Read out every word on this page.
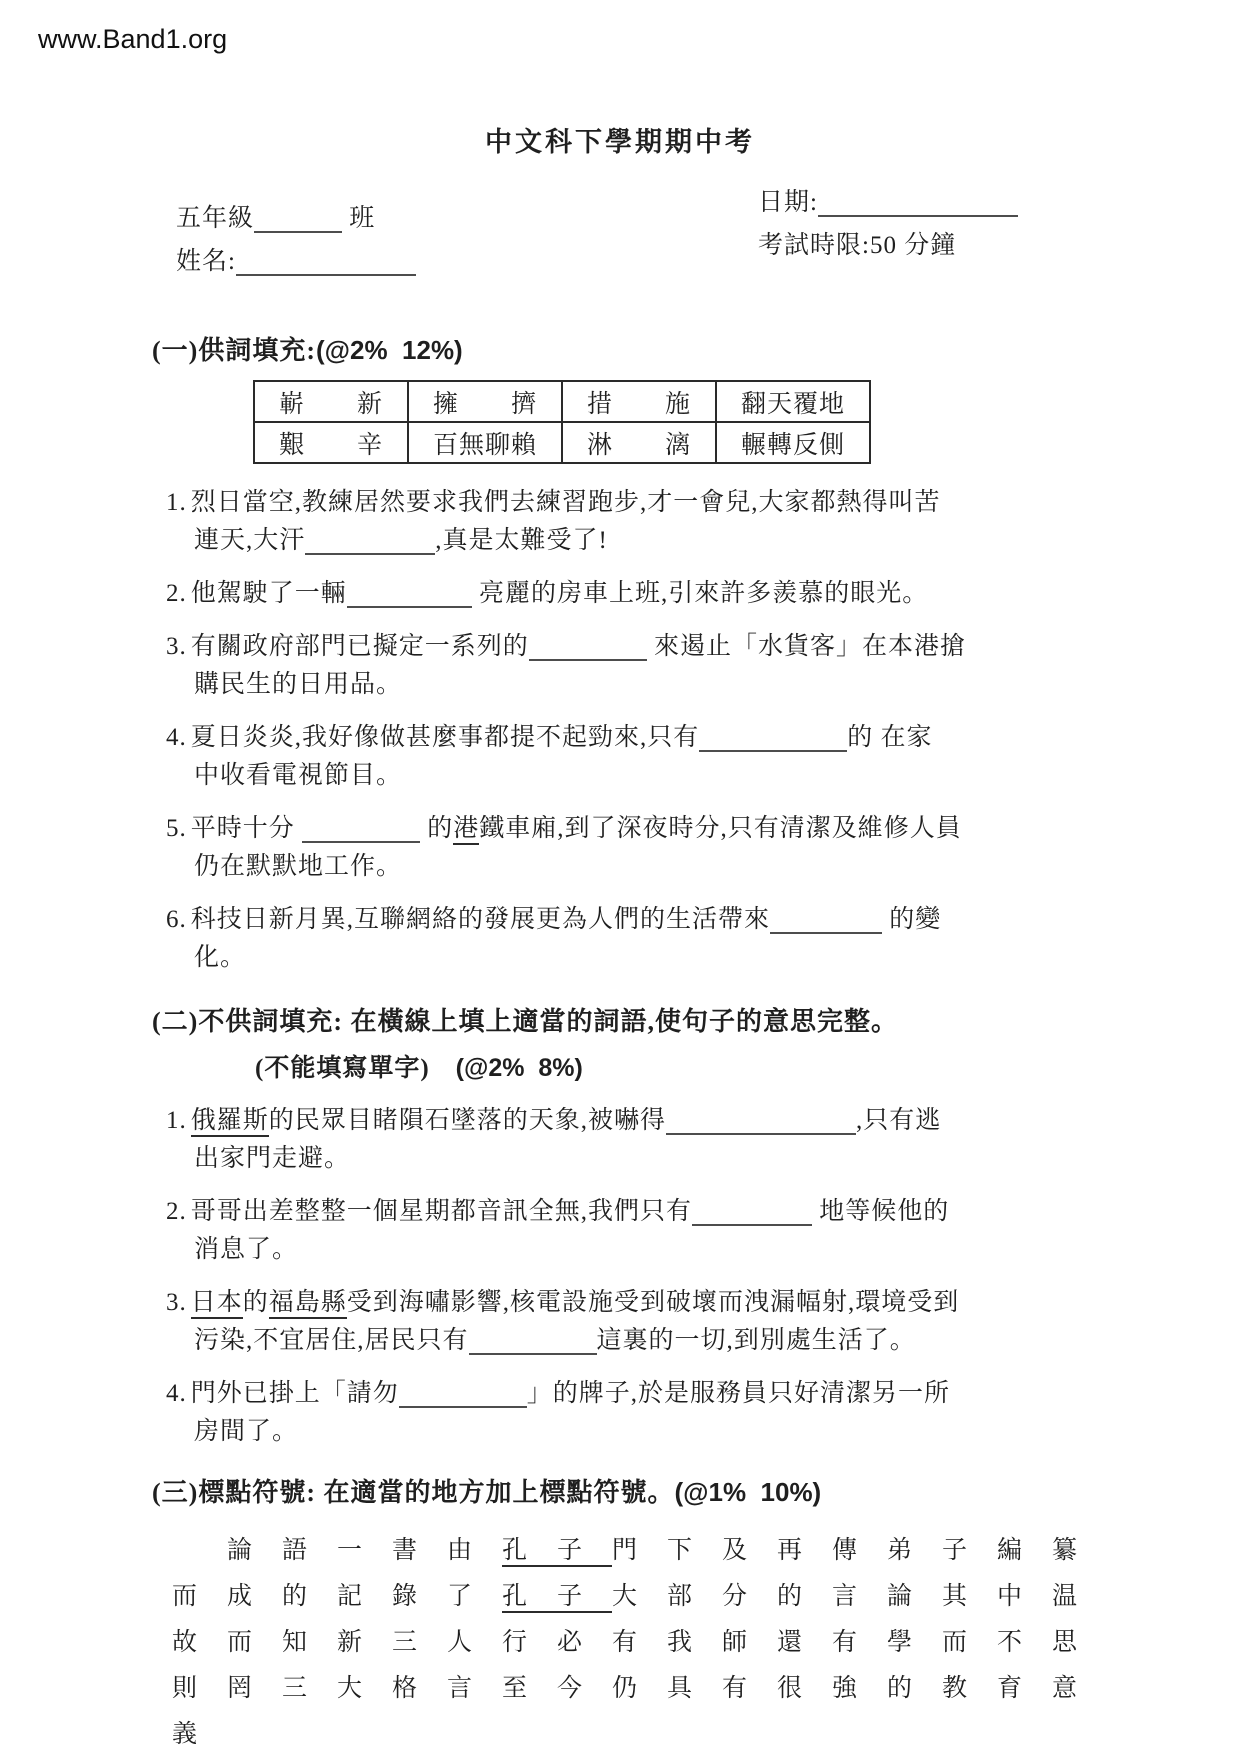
www.Band1.org
中文科下學期期中考
五年級	班
姓名:
日期:
考試時限:50 分鐘
(一)供詞填充:(@2%  12%)
嶄　　新	擁　　擠	措　　施	翻天覆地
艱　　辛	百無聊賴	淋　　漓	輾轉反側
1. 烈日當空,教練居然要求我們去練習跑步,才一會兒,大家都熱得叫苦
連天,大汗	,真是太難受了!
2. 他駕駛了一輛	亮麗的房車上班,引來許多羨慕的眼光。
3. 有關政府部門已擬定一系列的	來遏止「水貨客」在本港搶
購民生的日用品。
4. 夏日炎炎,我好像做甚麼事都提不起勁來,只有	的 在家
中收看電視節目。
5. 平時十分	的港鐵車廂,到了深夜時分,只有清潔及維修人員
仍在默默地工作。
6. 科技日新月異,互聯網絡的發展更為人們的生活帶來	的變
化。
(二)不供詞填充: 在橫線上填上適當的詞語,使句子的意思完整。
(不能填寫單字)　(@2%  8%)
1. 俄羅斯的民眾目睹隕石墜落的天象,被嚇得	,只有逃
出家門走避。
2. 哥哥出差整整一個星期都音訊全無,我們只有	地等候他的
消息了。
3. 日本的福島縣受到海嘯影響,核電設施受到破壞而洩漏幅射,環境受到
污染,不宜居住,居民只有	這裏的一切,到別處生活了。
4. 門外已掛上「請勿	」的牌子,於是服務員只好清潔另一所
房間了。
(三)標點符號: 在適當的地方加上標點符號。(@1%  10%)
論語一書由孔子門下及再傳弟子編纂
而成的記錄了孔子大部分的言論其中温
故而知新三人行必有我師還有學而不思
則罔三大格言至今仍具有很強的教育意
義
